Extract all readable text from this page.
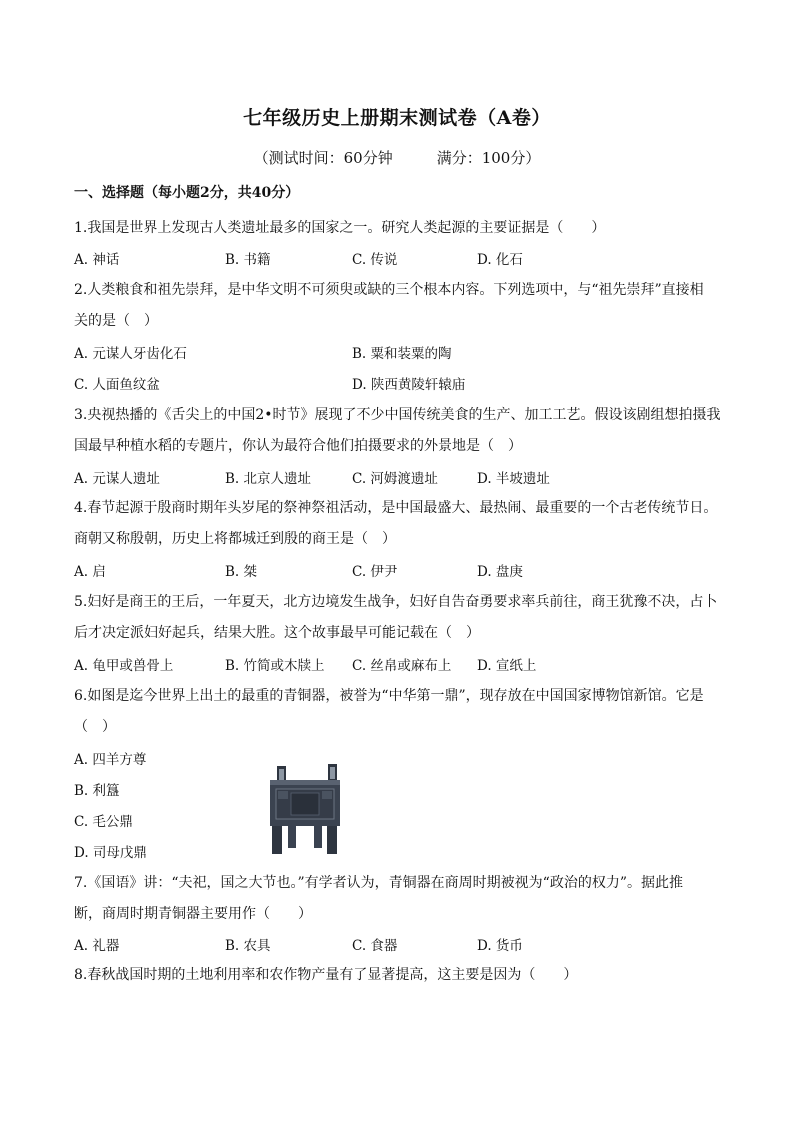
七年级历史上册期末测试卷（A卷）
（测试时间：60分钟	满分：100分）
一、选择题（每小题2分，共40分）
1.我国是世界上发现古人类遗址最多的国家之一。研究人类起源的主要证据是（　　）
A. 神话	B. 书籍	C. 传说	D. 化石
2.人类粮食和祖先崇拜，是中华文明不可须臾或缺的三个根本内容。下列选项中，与“祖先崇拜”直接相
关的是（　）
A. 元谋人牙齿化石	B. 粟和装粟的陶
C. 人面鱼纹盆	D. 陕西黄陵轩辕庙
3.央视热播的《舌尖上的中国2•时节》展现了不少中国传统美食的生产、加工工艺。假设该剧组想拍摄我
国最早种植水稻的专题片，你认为最符合他们拍摄要求的外景地是（　）
A. 元谋人遗址	B. 北京人遗址	C. 河姆渡遗址	D. 半坡遗址
4.春节起源于殷商时期年头岁尾的祭神祭祖活动，是中国最盛大、最热闹、最重要的一个古老传统节日。
商朝又称殷朝，历史上将都城迁到殷的商王是（　）
A. 启	B. 桀	C. 伊尹	D. 盘庚
5.妇好是商王的王后，一年夏天，北方边境发生战争，妇好自告奋勇要求率兵前往，商王犹豫不决，占卜
后才决定派妇好起兵，结果大胜。这个故事最早可能记载在（　）
A. 龟甲或兽骨上	B. 竹简或木牍上 C. 丝帛或麻布上 D. 宣纸上
6.如图是迄今世界上出土的最重的青铜器，被誉为“中华第一鼎”，现存放在中国国家博物馆新馆。它是
（　）
A. 四羊方尊
B. 利簋
C. 毛公鼎
D. 司母戊鼎
7.《国语》讲：“夫祀，国之大节也。”有学者认为，青铜器在商周时期被视为“政治的权力”。据此推
断，商周时期青铜器主要用作（　　）
A. 礼器	B. 农具	C. 食器	D. 货币
8.春秋战国时期的土地利用率和农作物产量有了显著提高，这主要是因为（　　）
